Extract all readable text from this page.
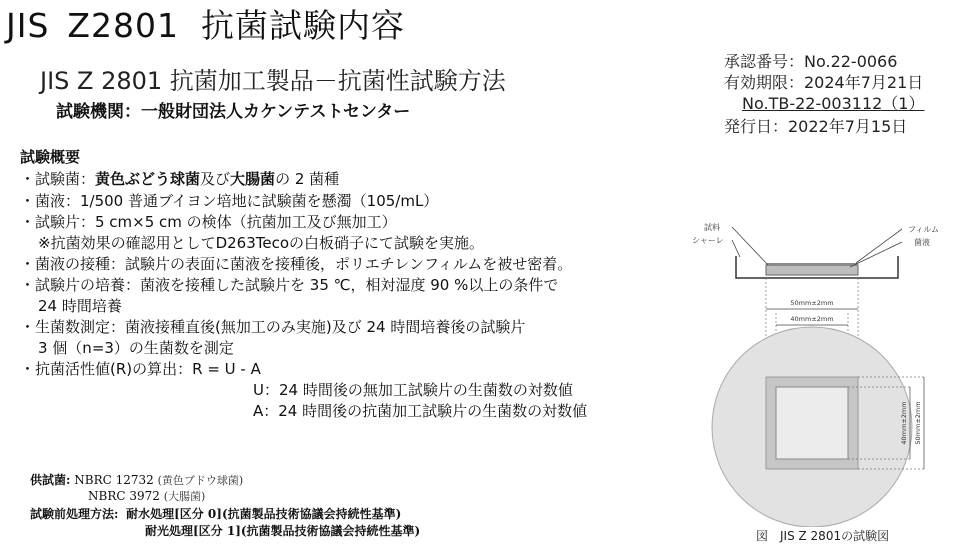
JIS Z2801 抗菌試験内容
JIS Z 2801 抗菌加工製品－抗菌性試験方法
試験機関：一般財団法人カケンテストセンター
承認番号：No.22-0066
有効期限：2024年7月21日
No.TB-22-003112（1）
発行日：2022年7月15日
試験概要
・試験菌：黄色ぶどう球菌及び大腸菌の 2 菌種
・菌液：1/500 普通ブイヨン培地に試験菌を懸濁（105/mL）
・試験片：5 cm×5 cm の検体（抗菌加工及び無加工）
※抗菌効果の確認用としてD263Tecoの白板硝子にて試験を実施。
・菌液の接種：試験片の表面に菌液を接種後，ポリエチレンフィルムを被せ密着。
・試験片の培養：菌液を接種した試験片を 35 ℃，相対湿度 90 %以上の条件で
24 時間培養
・生菌数測定：菌液接種直後(無加工のみ実施)及び 24 時間培養後の試験片
3 個（n=3）の生菌数を測定
・抗菌活性値(R)の算出：R = U - A
U：24 時間後の無加工試験片の生菌数の対数値
A：24 時間後の抗菌加工試験片の生菌数の対数値
供試菌: NBRC 12732 (黄色ブドウ球菌)
NBRC 3972 (大腸菌)
試験前処理方法: 耐水処理[区分 0](抗菌製品技術協議会持続性基準)
耐光処理[区分 1](抗菌製品技術協議会持続性基準)
試料
シャーレ
フィルム
菌液
50mm±2mm
40mm±2mm
40mm±2mm 50mm±2mm
図　JIS Z 2801の試験図
